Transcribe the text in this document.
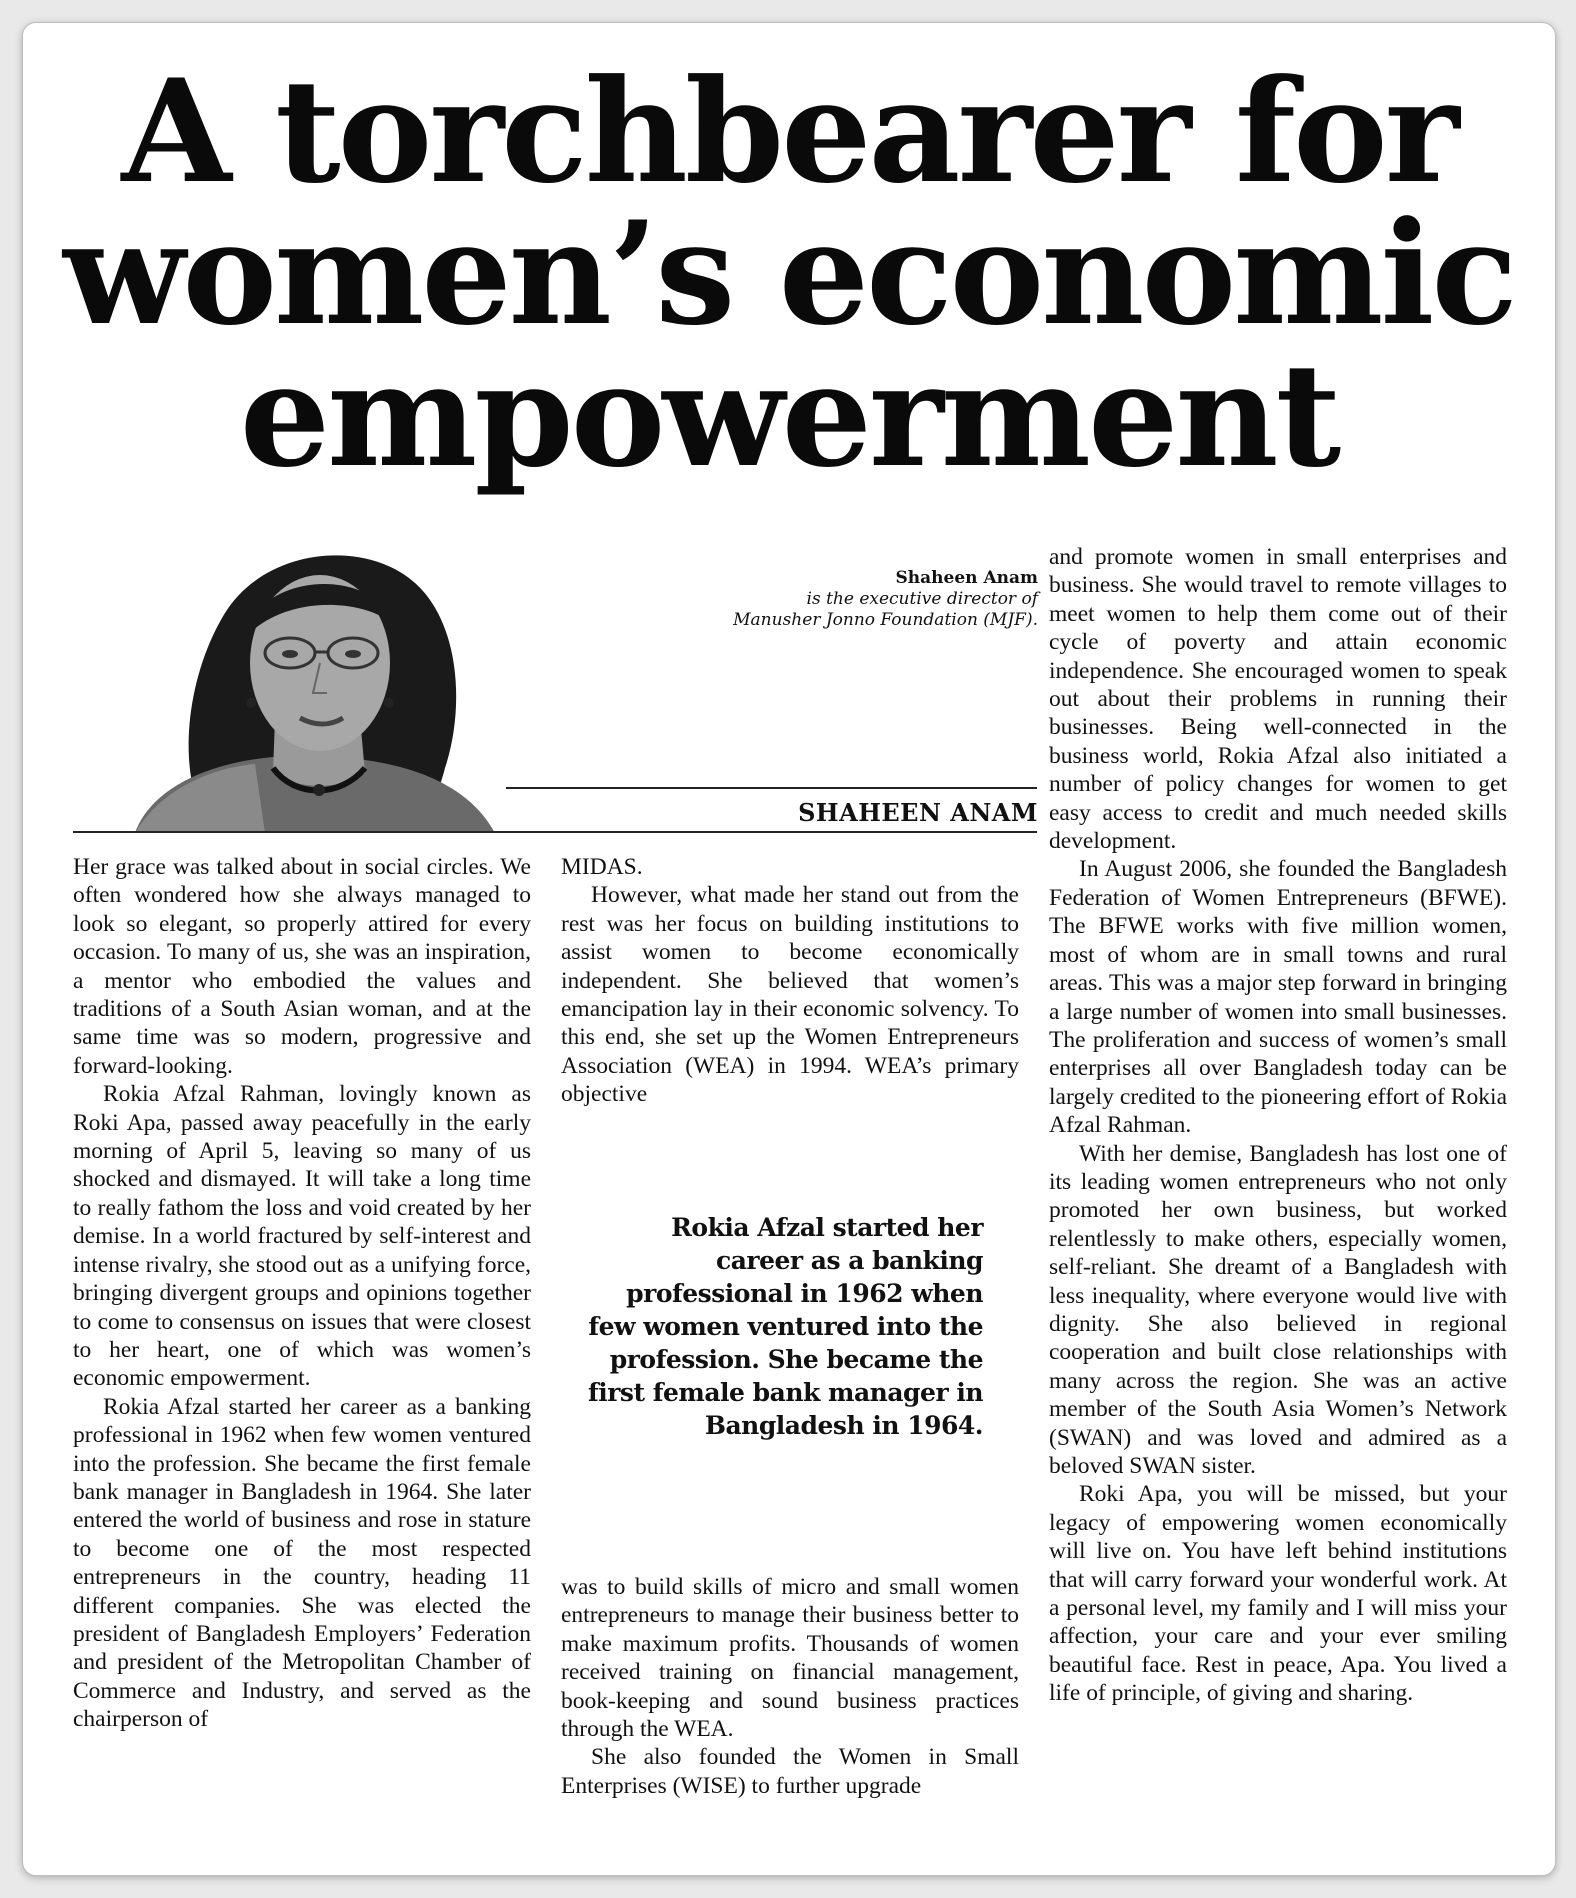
A torchbearer for women’s economic empowerment
Shaheen Anam
is the executive director of Manusher Jonno Foundation (MJF).
SHAHEEN ANAM

Her grace was talked about in social circles. We often wondered how she always managed to look so elegant, so properly attired for every occasion. To many of us, she was an inspiration, a mentor who embodied the values and traditions of a South Asian woman, and at the same time was so modern, progressive and forward-looking.

Rokia Afzal Rahman, lovingly known as Roki Apa, passed away peacefully in the early morning of April 5, leaving so many of us shocked and dismayed. It will take a long time to really fathom the loss and void created by her demise. In a world fractured by self-interest and intense rivalry, she stood out as a unifying force, bringing divergent groups and opinions together to come to consensus on issues that were closest to her heart, one of which was women’s economic empowerment.

Rokia Afzal started her career as a banking professional in 1962 when few women ventured into the profession. She became the first female bank manager in Bangladesh in 1964. She later entered the world of business and rose in stature to become one of the most respected entrepreneurs in the country, heading 11 different companies. She was elected the president of Bangladesh Employers’ Federation and president of the Metropolitan Chamber of Commerce and Industry, and served as the chairperson of

MIDAS.

However, what made her stand out from the rest was her focus on building institutions to assist women to become economically independent. She believed that women’s emancipation lay in their economic solvency. To this end, she set up the Women Entrepreneurs Association (WEA) in 1994. WEA’s primary objective

Rokia Afzal started her career as a banking professional in 1962 when few women ventured into the profession. She became the first female bank manager in Bangladesh in 1964.

was to build skills of micro and small women entrepreneurs to manage their business better to make maximum profits. Thousands of women received training on financial management, book-keeping and sound business practices through the WEA.

She also founded the Women in Small Enterprises (WISE) to further upgrade

and promote women in small enterprises and business. She would travel to remote villages to meet women to help them come out of their cycle of poverty and attain economic independence. She encouraged women to speak out about their problems in running their businesses. Being well-connected in the business world, Rokia Afzal also initiated a number of policy changes for women to get easy access to credit and much needed skills development.

In August 2006, she founded the Bangladesh Federation of Women Entrepreneurs (BFWE). The BFWE works with five million women, most of whom are in small towns and rural areas. This was a major step forward in bringing a large number of women into small businesses. The proliferation and success of women’s small enterprises all over Bangladesh today can be largely credited to the pioneering effort of Rokia Afzal Rahman.

With her demise, Bangladesh has lost one of its leading women entrepreneurs who not only promoted her own business, but worked relentlessly to make others, especially women, self-reliant. She dreamt of a Bangladesh with less inequality, where everyone would live with dignity. She also believed in regional cooperation and built close relationships with many across the region. She was an active member of the South Asia Women’s Network (SWAN) and was loved and admired as a beloved SWAN sister.

Roki Apa, you will be missed, but your legacy of empowering women economically will live on. You have left behind institutions that will carry forward your wonderful work. At a personal level, my family and I will miss your affection, your care and your ever smiling beautiful face. Rest in peace, Apa. You lived a life of principle, of giving and sharing.
